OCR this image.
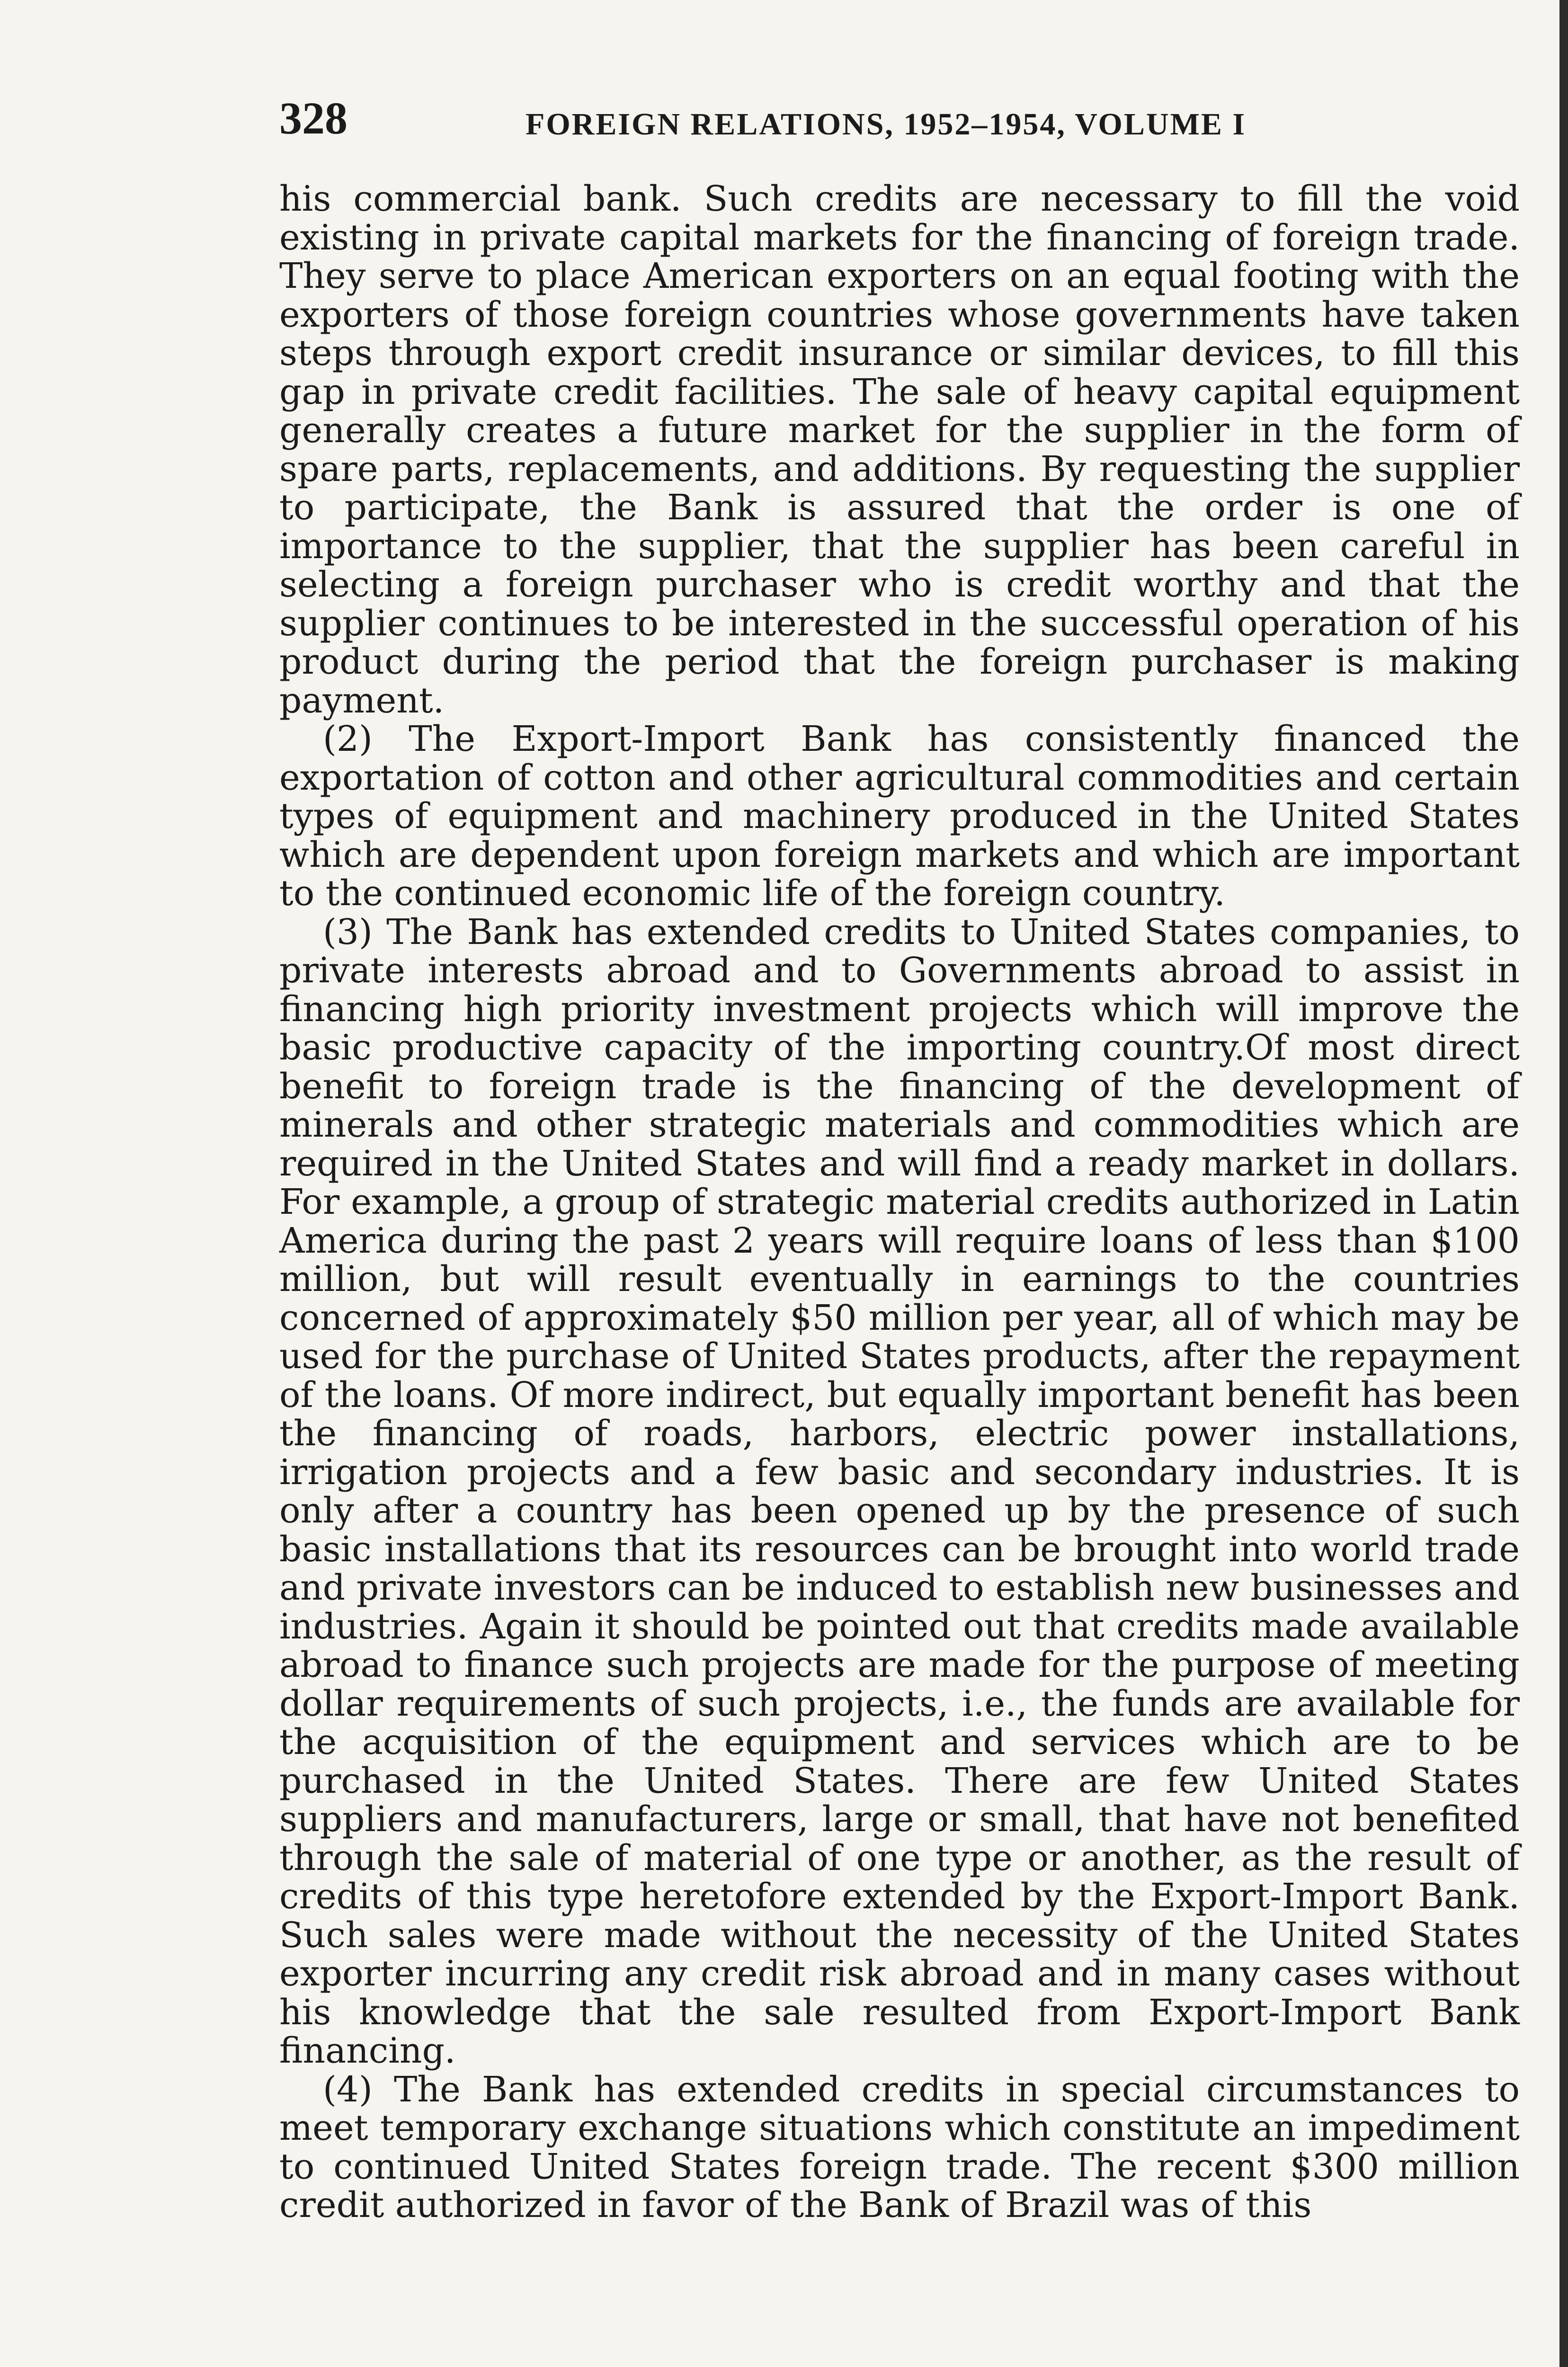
328	FOREIGN RELATIONS, 1952–1954, VOLUME I

his commercial bank. Such credits are necessary to fill the void existing in private capital markets for the financing of foreign trade. They serve to place American exporters on an equal footing with the exporters of those foreign countries whose governments have taken steps through export credit insurance or similar devices, to fill this gap in private credit facilities. The sale of heavy capital equipment generally creates a future market for the supplier in the form of spare parts, replacements, and additions. By requesting the supplier to participate, the Bank is assured that the order is one of importance to the supplier, that the supplier has been careful in selecting a foreign purchaser who is credit worthy and that the supplier continues to be interested in the successful operation of his product during the period that the foreign purchaser is making payment.

(2) The Export-Import Bank has consistently financed the exportation of cotton and other agricultural commodities and certain types of equipment and machinery produced in the United States which are dependent upon foreign markets and which are important to the continued economic life of the foreign country.

(3) The Bank has extended credits to United States companies, to private interests abroad and to Governments abroad to assist in financing high priority investment projects which will improve the basic productive capacity of the importing country.Of most direct benefit to foreign trade is the financing of the development of minerals and other strategic materials and commodities which are required in the United States and will find a ready market in dollars. For example, a group of strategic material credits authorized in Latin America during the past 2 years will require loans of less than $100 million, but will result eventually in earnings to the countries concerned of approximately $50 million per year, all of which may be used for the purchase of United States products, after the repayment of the loans. Of more indirect, but equally important benefit has been the financing of roads, harbors, electric power installations, irrigation projects and a few basic and secondary industries. It is only after a country has been opened up by the presence of such basic installations that its resources can be brought into world trade and private investors can be induced to establish new businesses and industries. Again it should be pointed out that credits made available abroad to finance such projects are made for the purpose of meeting dollar requirements of such projects, i.e., the funds are available for the acquisition of the equipment and services which are to be purchased in the United States. There are few United States suppliers and manufacturers, large or small, that have not benefited through the sale of material of one type or another, as the result of credits of this type heretofore extended by the Export-Import Bank. Such sales were made without the necessity of the United States exporter incurring any credit risk abroad and in many cases without his knowledge that the sale resulted from Export-Import Bank financing.

(4) The Bank has extended credits in special circumstances to meet temporary exchange situations which constitute an impediment to continued United States foreign trade. The recent $300 million credit authorized in favor of the Bank of Brazil was of this
